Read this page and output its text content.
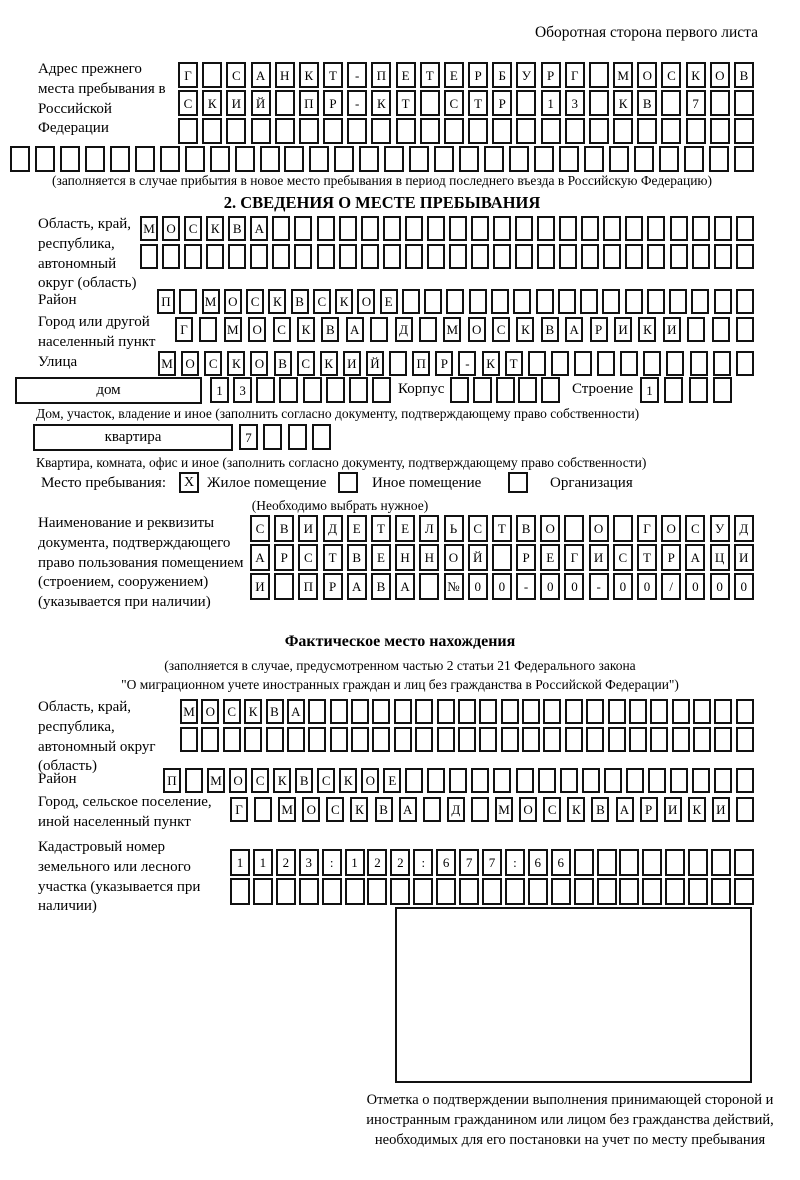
Оборотная сторона первого листа
Адрес прежнего места пребывания в Российской Федерации
Г	С	А	Н	К	Т	-	П	Е	Т	Е	Р	Б	У	Р	Г	М	О	С	К	О	В
С	К	И	Й	П	Р	-	К	Т	С	Т	Р	1	3	К	В	7
(заполняется в случае прибытия в новое место пребывания в период последнего въезда в Российскую Федерацию)
2. СВЕДЕНИЯ О МЕСТЕ ПРЕБЫВАНИЯ
Область, край, республика, автономный округ (область)
М О	С	К	В	А
Район	П	М О	С	К	В	С	К	О	Е
Город или другой населенный пункт
Г	М	О	С	К	В	А	Д	М	О	С	К	В	А	Р	И	К	И
Улица	М О	С	К	О	В	С	К	И	Й	П	Р	-	К	Т
дом	1	3	Корпус	Строение	1
Дом, участок, владение и иное (заполнить согласно документу, подтверждающему право собственности)
квартира	7
Квартира, комната, офис и иное (заполнить согласно документу, подтверждающему право собственности)
Место пребывания:	X Жилое помещение	Иное помещение	Организация
(Необходимо выбрать нужное)
Наименование и реквизиты документа, подтверждающего право пользования помещением (строением, сооружением) (указывается при наличии)
С	В	И	Д	Е	Т	Е	Л	Ь	С	Т	В	О	О	Г	О	С	У	Д
А	Р	С	Т	В	Е	Н	Н	О	Й	Р	Е	Г	И	С	Т	Р	А	Ц	И
И	П	Р	А	В	А	№	0	0	-	0	0	-	0	0	/	0	0	0
Фактическое место нахождения
(заполняется в случае, предусмотренном частью 2 статьи 21 Федерального закона
"О миграционном учете иностранных граждан и лиц без гражданства в Российской Федерации")
Область, край, республика, автономный округ (область)
М О С К В А
Район	П	М О	С	К	В	С	К	О	Е
Город, сельское поселение, иной населенный пункт
Г	М	О	С	К	В	А	Д	М	О	С	К	В	А	Р	И	К	И
Кадастровый номер земельного или лесного участка (указывается при наличии)
1	1	2	3	:	1	2	2	:	6	7	7	:	6	6
Отметка о подтверждении выполнения принимающей стороной и иностранным гражданином или лицом без гражданства действий, необходимых для его постановки на учет по месту пребывания
